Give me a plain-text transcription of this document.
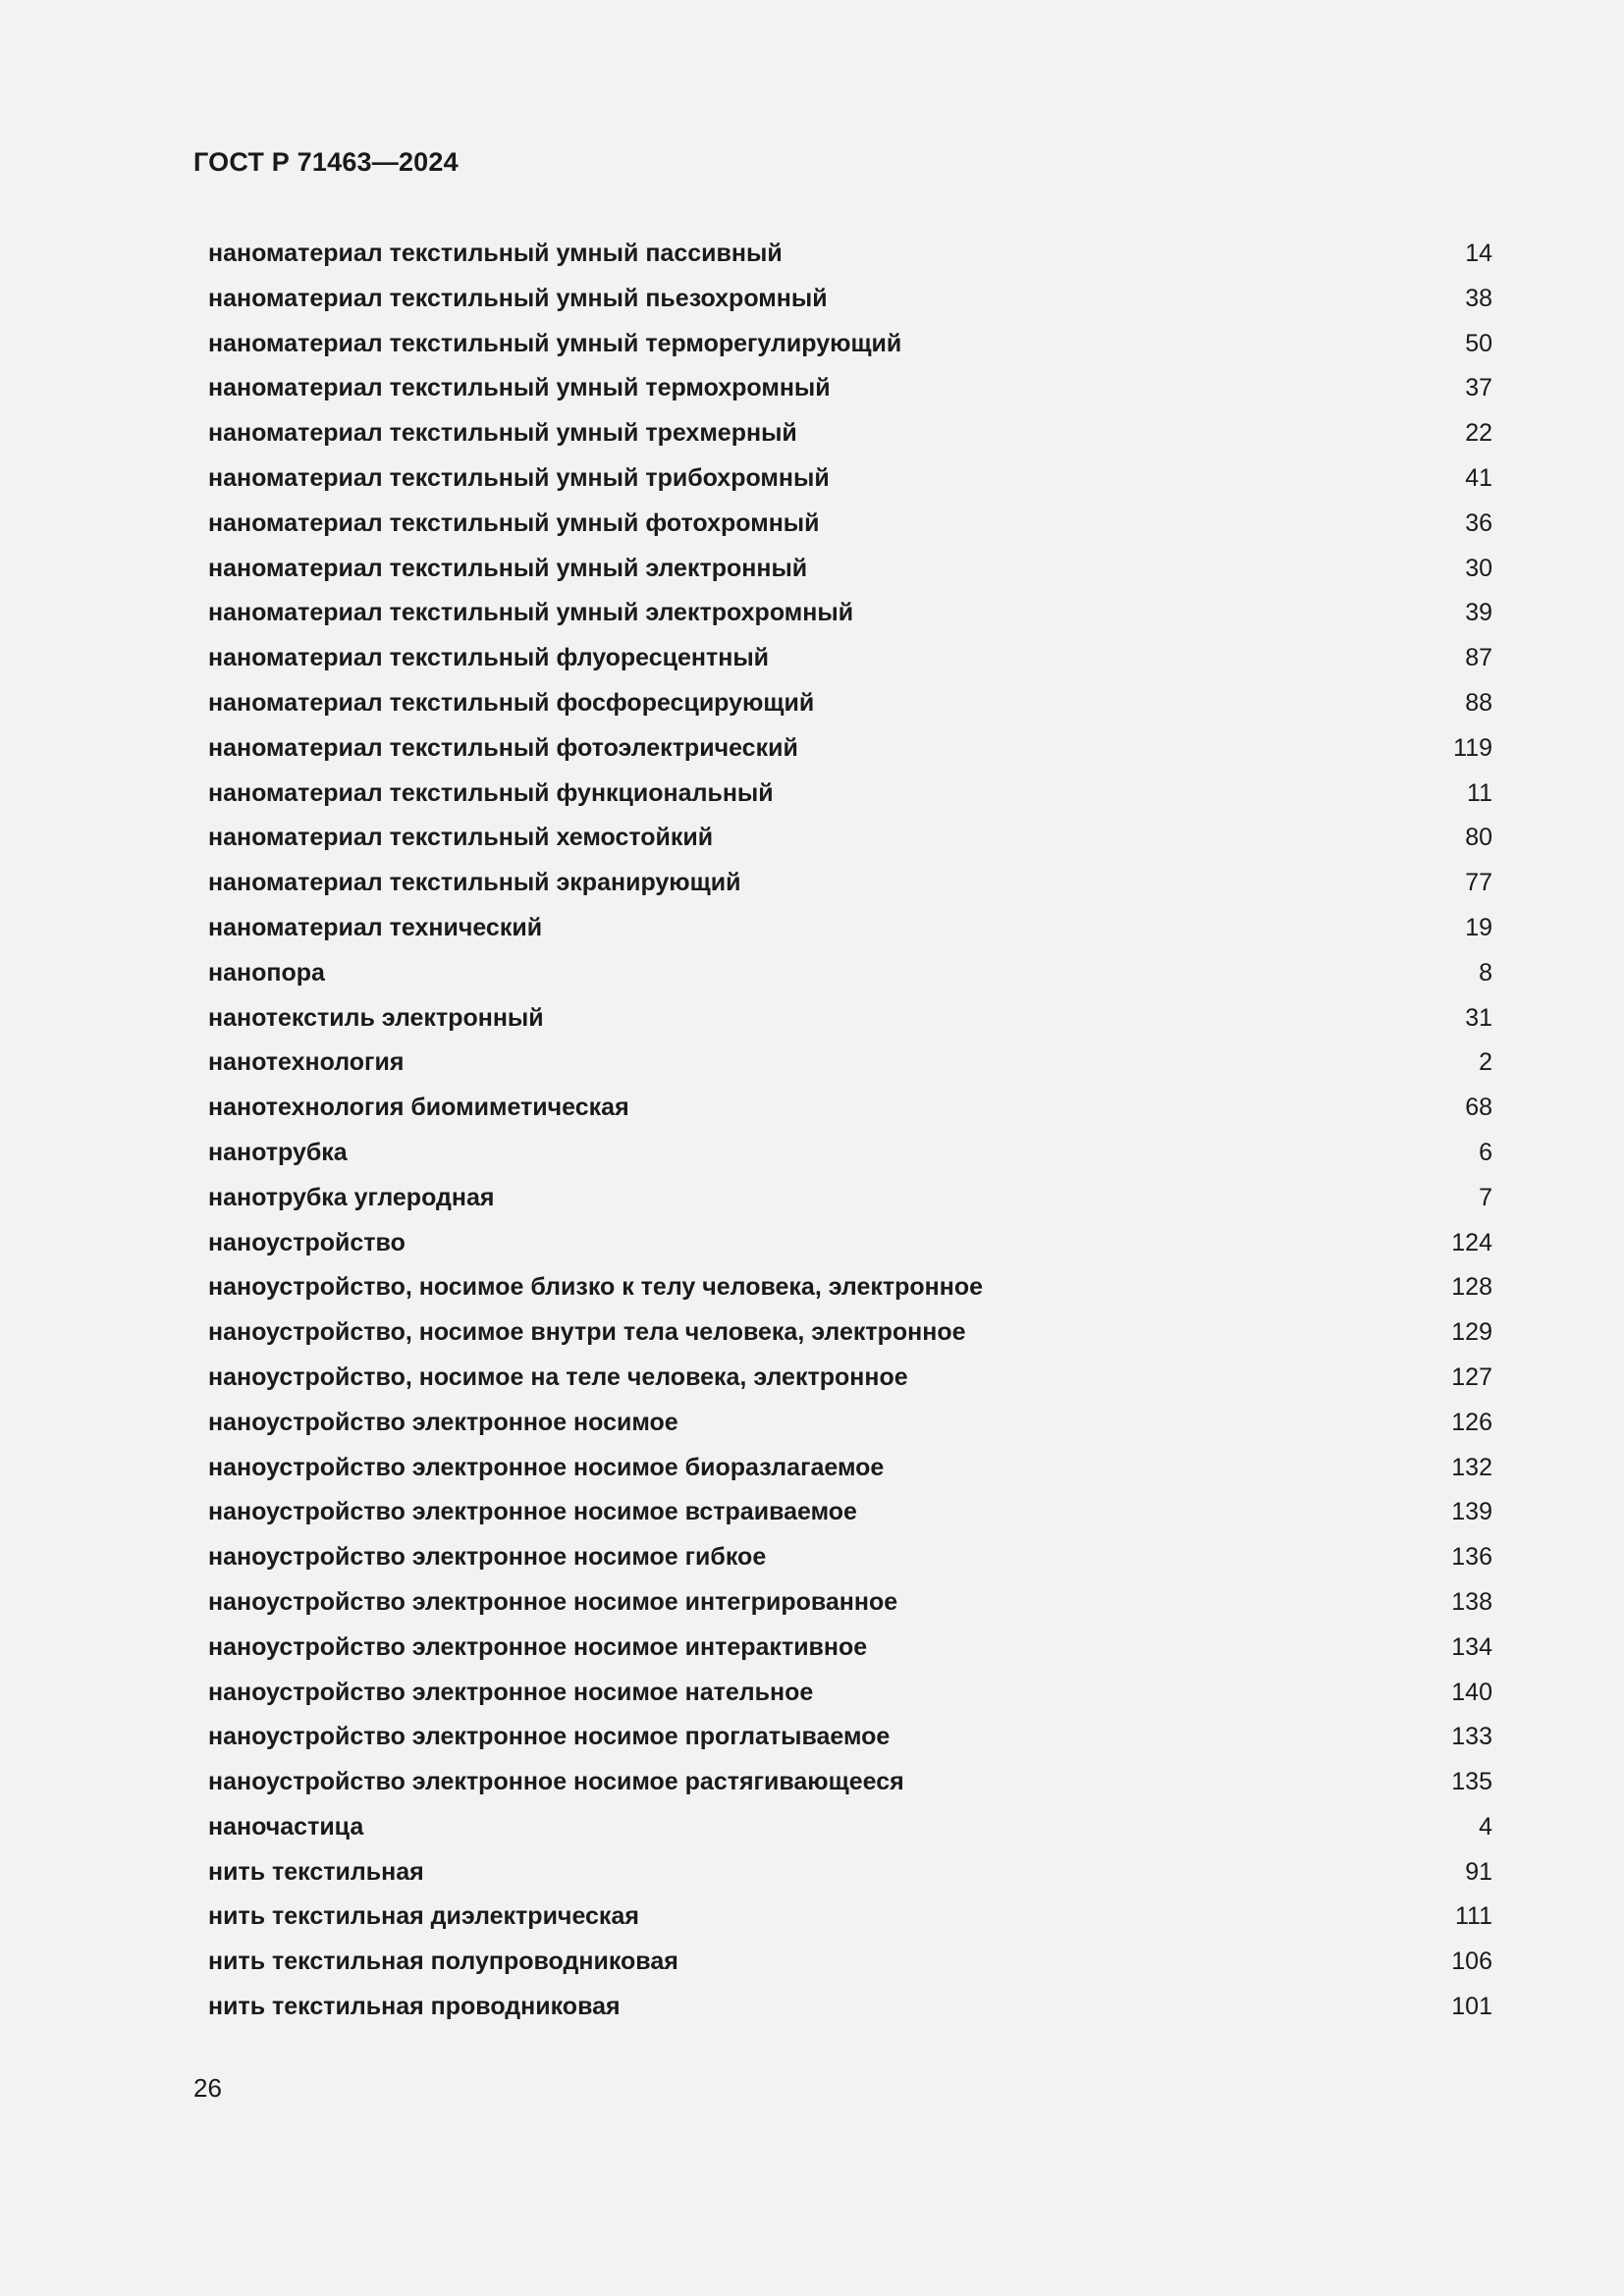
ГОСТ Р 71463—2024
наноматериал текстильный умный пассивный	14
наноматериал текстильный умный пьезохромный	38
наноматериал текстильный умный терморегулирующий	50
наноматериал текстильный умный термохромный	37
наноматериал текстильный умный трехмерный	22
наноматериал текстильный умный трибохромный	41
наноматериал текстильный умный фотохромный	36
наноматериал текстильный умный электронный	30
наноматериал текстильный умный электрохромный	39
наноматериал текстильный флуоресцентный	87
наноматериал текстильный фосфоресцирующий	88
наноматериал текстильный фотоэлектрический	119
наноматериал текстильный функциональный	11
наноматериал текстильный хемостойкий	80
наноматериал текстильный экранирующий	77
наноматериал технический	19
нанопора	8
нанотекстиль электронный	31
нанотехнология	2
нанотехнология биомиметическая	68
нанотрубка	6
нанотрубка углеродная	7
наноустройство	124
наноустройство, носимое близко к телу человека, электронное	128
наноустройство, носимое внутри тела человека, электронное	129
наноустройство, носимое на теле человека, электронное	127
наноустройство электронное носимое	126
наноустройство электронное носимое биоразлагаемое	132
наноустройство электронное носимое встраиваемое	139
наноустройство электронное носимое гибкое	136
наноустройство электронное носимое интегрированное	138
наноустройство электронное носимое интерактивное	134
наноустройство электронное носимое нательное	140
наноустройство электронное носимое проглатываемое	133
наноустройство электронное носимое растягивающееся	135
наночастица	4
нить текстильная	91
нить текстильная диэлектрическая	111
нить текстильная полупроводниковая	106
нить текстильная проводниковая	101
26
